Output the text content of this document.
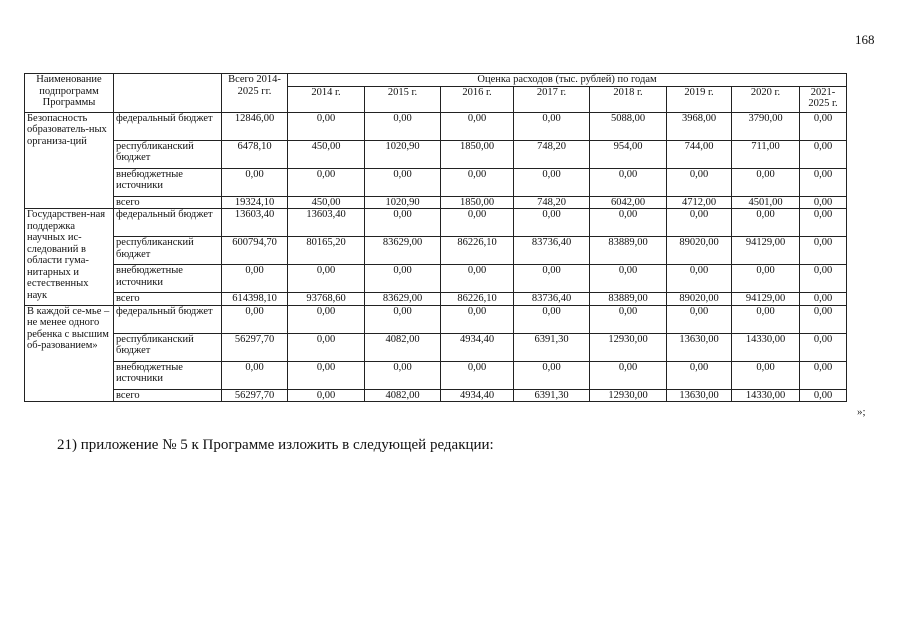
168
Наименование подпрограмм Программы		Всего 2014-2025 гг.	Оценка расходов (тыс. рублей) по годам							
			2014 г.	2015 г.	2016 г.	2017 г.	2018 г.	2019 г.	2020 г.	2021-2025 г.
Безопасность образователь-ных организа-ций	федеральный бюджет	12846,00	0,00	0,00	0,00	0,00	5088,00	3968,00	3790,00	0,00
	республиканский бюджет	6478,10	450,00	1020,90	1850,00	748,20	954,00	744,00	711,00	0,00
	внебюджетные источники	0,00	0,00	0,00	0,00	0,00	0,00	0,00	0,00	0,00
	всего	19324,10	450,00	1020,90	1850,00	748,20	6042,00	4712,00	4501,00	0,00
Государствен-ная поддержка научных ис-следований в области гума-нитарных и естественных наук	федеральный бюджет	13603,40	13603,40	0,00	0,00	0,00	0,00	0,00	0,00	0,00
	республиканский бюджет	600794,70	80165,20	83629,00	86226,10	83736,40	83889,00	89020,00	94129,00	0,00
	внебюджетные источники	0,00	0,00	0,00	0,00	0,00	0,00	0,00	0,00	0,00
	всего	614398,10	93768,60	83629,00	86226,10	83736,40	83889,00	89020,00	94129,00	0,00
В каждой се-мье – не менее одного ребенка с высшим об-разованием»	федеральный бюджет	0,00	0,00	0,00	0,00	0,00	0,00	0,00	0,00	0,00
	республиканский бюджет	56297,70	0,00	4082,00	4934,40	6391,30	12930,00	13630,00	14330,00	0,00
	внебюджетные источники	0,00	0,00	0,00	0,00	0,00	0,00	0,00	0,00	0,00
	всего	56297,70	0,00	4082,00	4934,40	6391,30	12930,00	13630,00	14330,00	0,00
»;
21) приложение № 5 к Программе изложить в следующей редакции:
